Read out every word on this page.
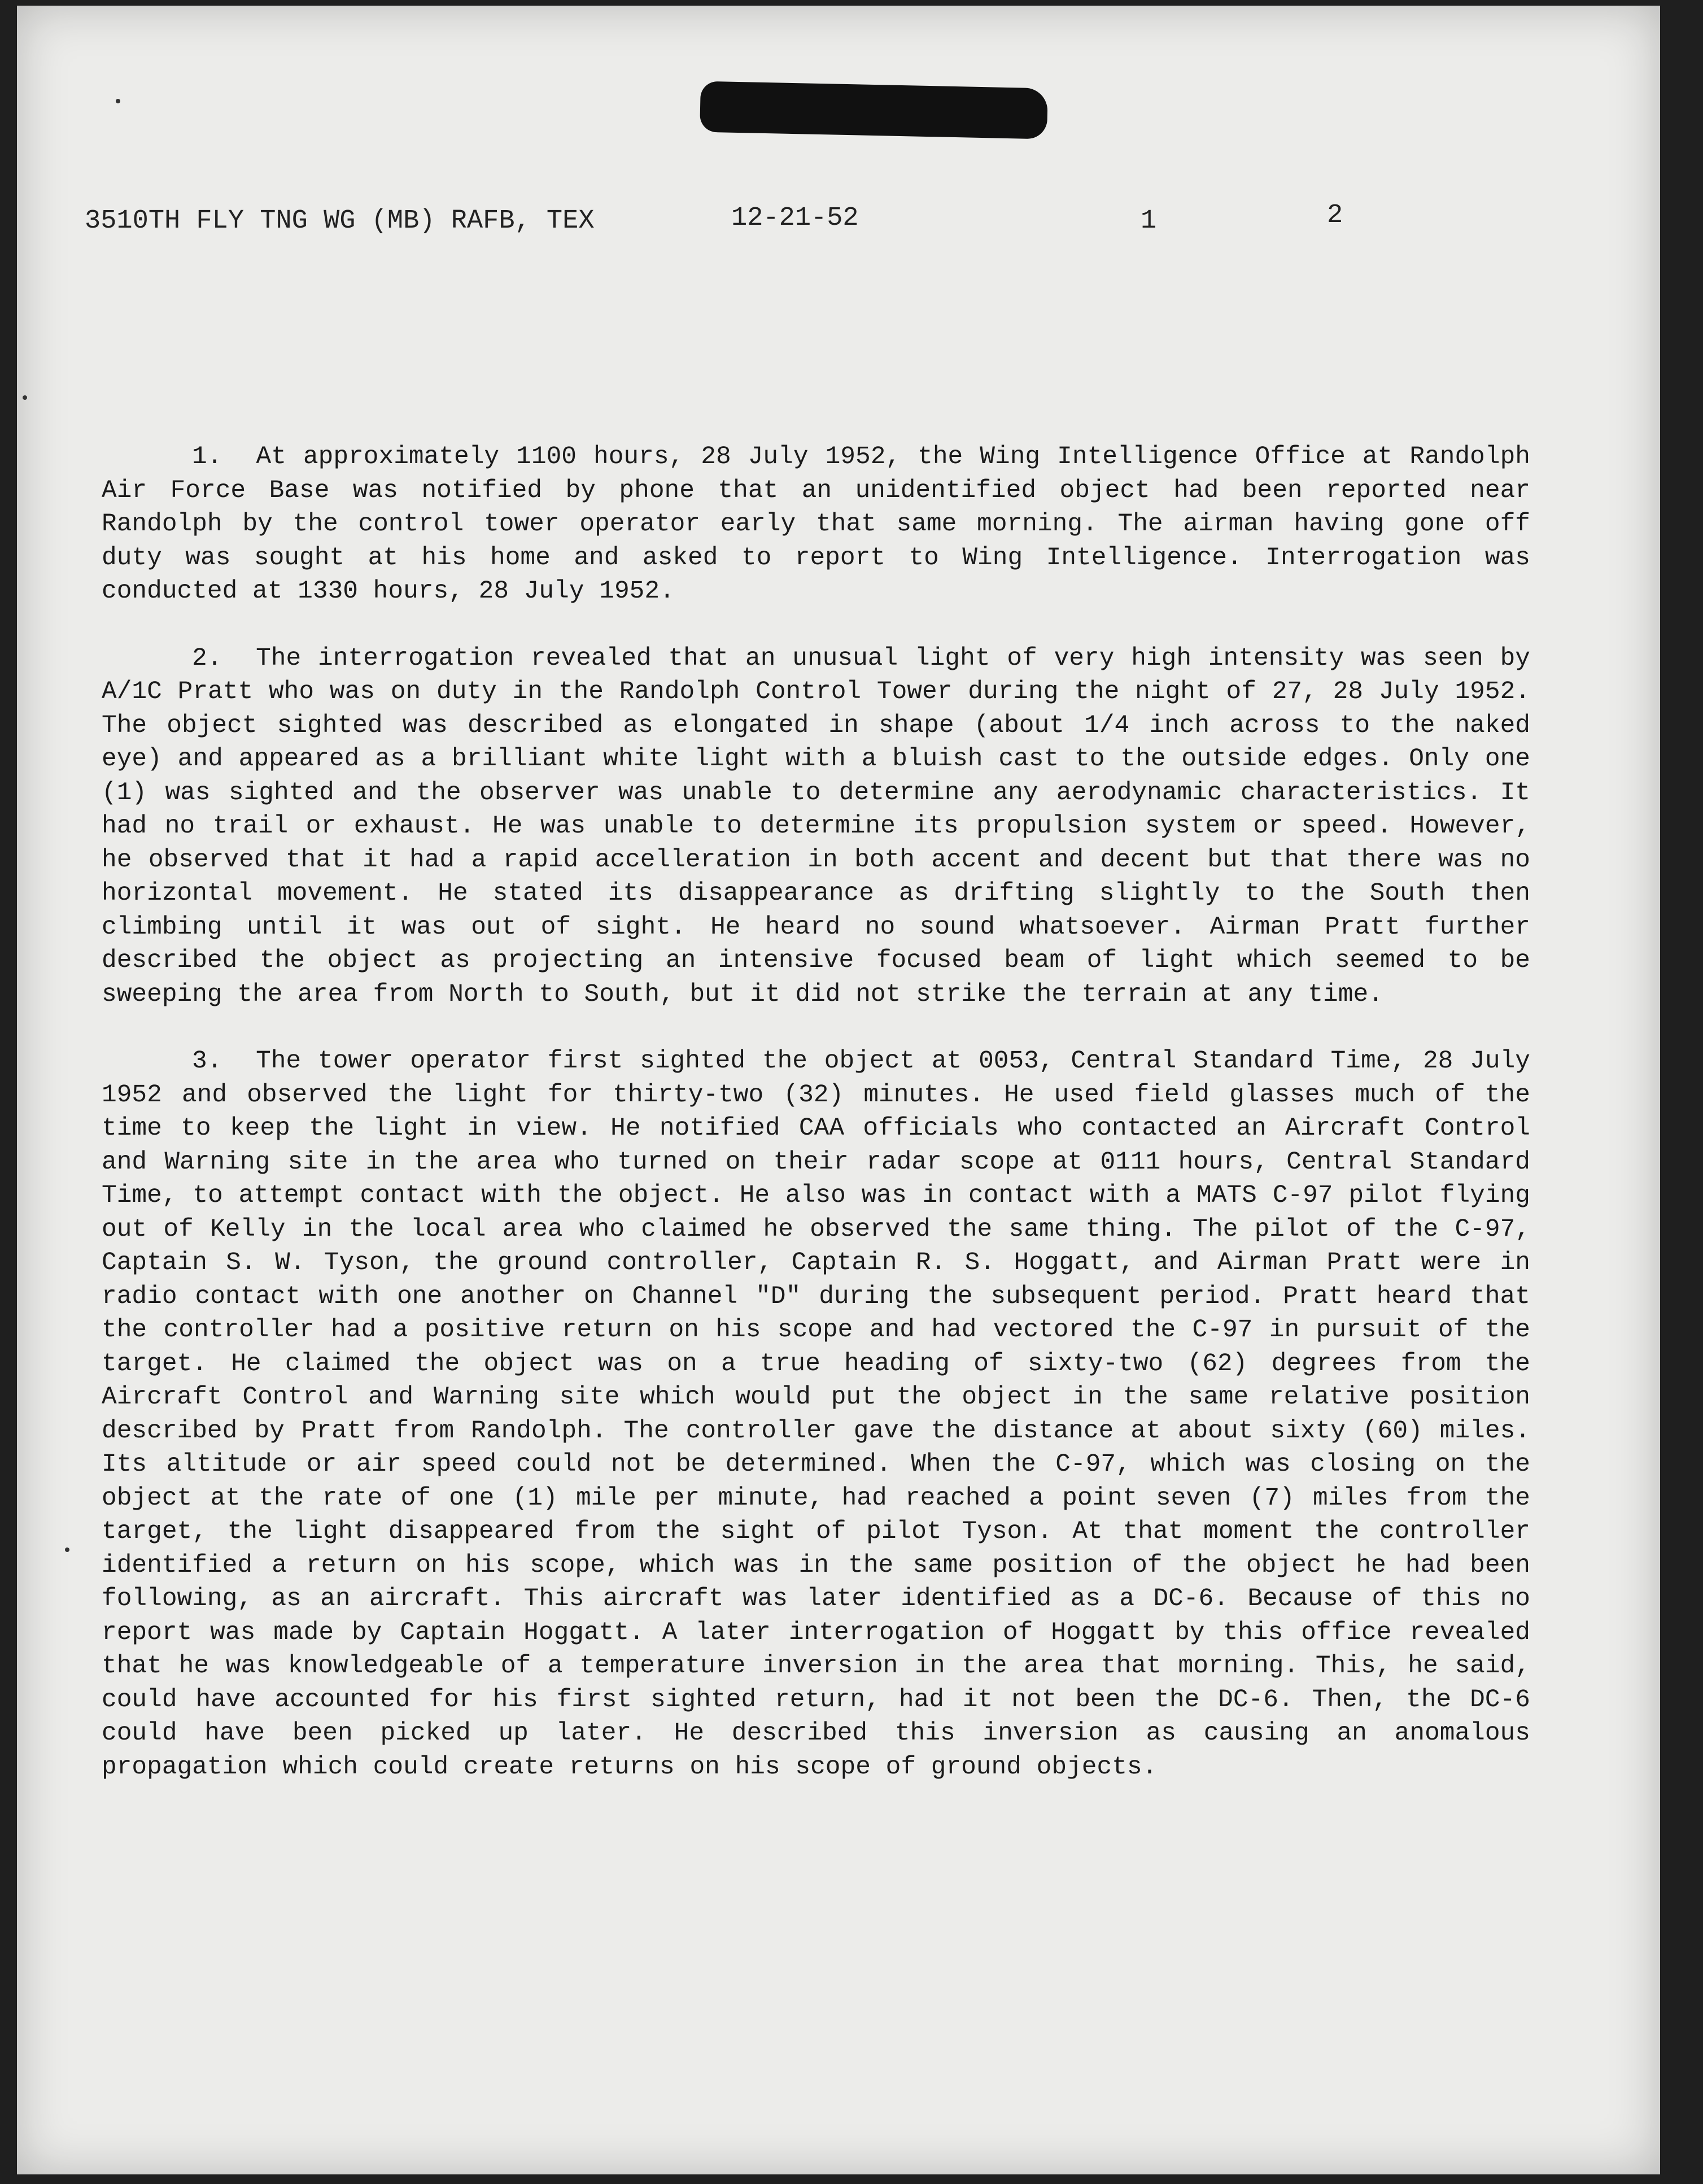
3510TH FLY TNG WG (MB) RAFB, TEX	12-21-52	1	2

1. At approximately 1100 hours, 28 July 1952, the Wing Intelligence Office at Randolph Air Force Base was notified by phone that an unidentified object had been reported near Randolph by the control tower operator early that same morning. The airman having gone off duty was sought at his home and asked to report to Wing Intelligence. Interrogation was conducted at 1330 hours, 28 July 1952.

2. The interrogation revealed that an unusual light of very high intensity was seen by A/1C Pratt who was on duty in the Randolph Control Tower during the night of 27, 28 July 1952. The object sighted was described as elongated in shape (about 1/4 inch across to the naked eye) and appeared as a brilliant white light with a bluish cast to the outside edges. Only one (1) was sighted and the observer was unable to determine any aerodynamic characteristics. It had no trail or exhaust. He was unable to determine its propulsion system or speed. However, he observed that it had a rapid accelleration in both accent and decent but that there was no horizontal movement. He stated its disappearance as drifting slightly to the South then climbing until it was out of sight. He heard no sound whatsoever. Airman Pratt further described the object as projecting an intensive focused beam of light which seemed to be sweeping the area from North to South, but it did not strike the terrain at any time.

3. The tower operator first sighted the object at 0053, Central Standard Time, 28 July 1952 and observed the light for thirty-two (32) minutes. He used field glasses much of the time to keep the light in view. He notified CAA officials who contacted an Aircraft Control and Warning site in the area who turned on their radar scope at 0111 hours, Central Standard Time, to attempt contact with the object. He also was in contact with a MATS C-97 pilot flying out of Kelly in the local area who claimed he observed the same thing. The pilot of the C-97, Captain S. W. Tyson, the ground controller, Captain R. S. Hoggatt, and Airman Pratt were in radio contact with one another on Channel "D" during the subsequent period. Pratt heard that the controller had a positive return on his scope and had vectored the C-97 in pursuit of the target. He claimed the object was on a true heading of sixty-two (62) degrees from the Aircraft Control and Warning site which would put the object in the same relative position described by Pratt from Randolph. The controller gave the distance at about sixty (60) miles. Its altitude or air speed could not be determined. When the C-97, which was closing on the object at the rate of one (1) mile per minute, had reached a point seven (7) miles from the target, the light disappeared from the sight of pilot Tyson. At that moment the controller identified a return on his scope, which was in the same position of the object he had been following, as an aircraft. This aircraft was later identified as a DC-6. Because of this no report was made by Captain Hoggatt. A later interrogation of Hoggatt by this office revealed that he was knowledgeable of a temperature inversion in the area that morning. This, he said, could have accounted for his first sighted return, had it not been the DC-6. Then, the DC-6 could have been picked up later. He described this inversion as causing an anomalous propagation which could create returns on his scope of ground objects.
